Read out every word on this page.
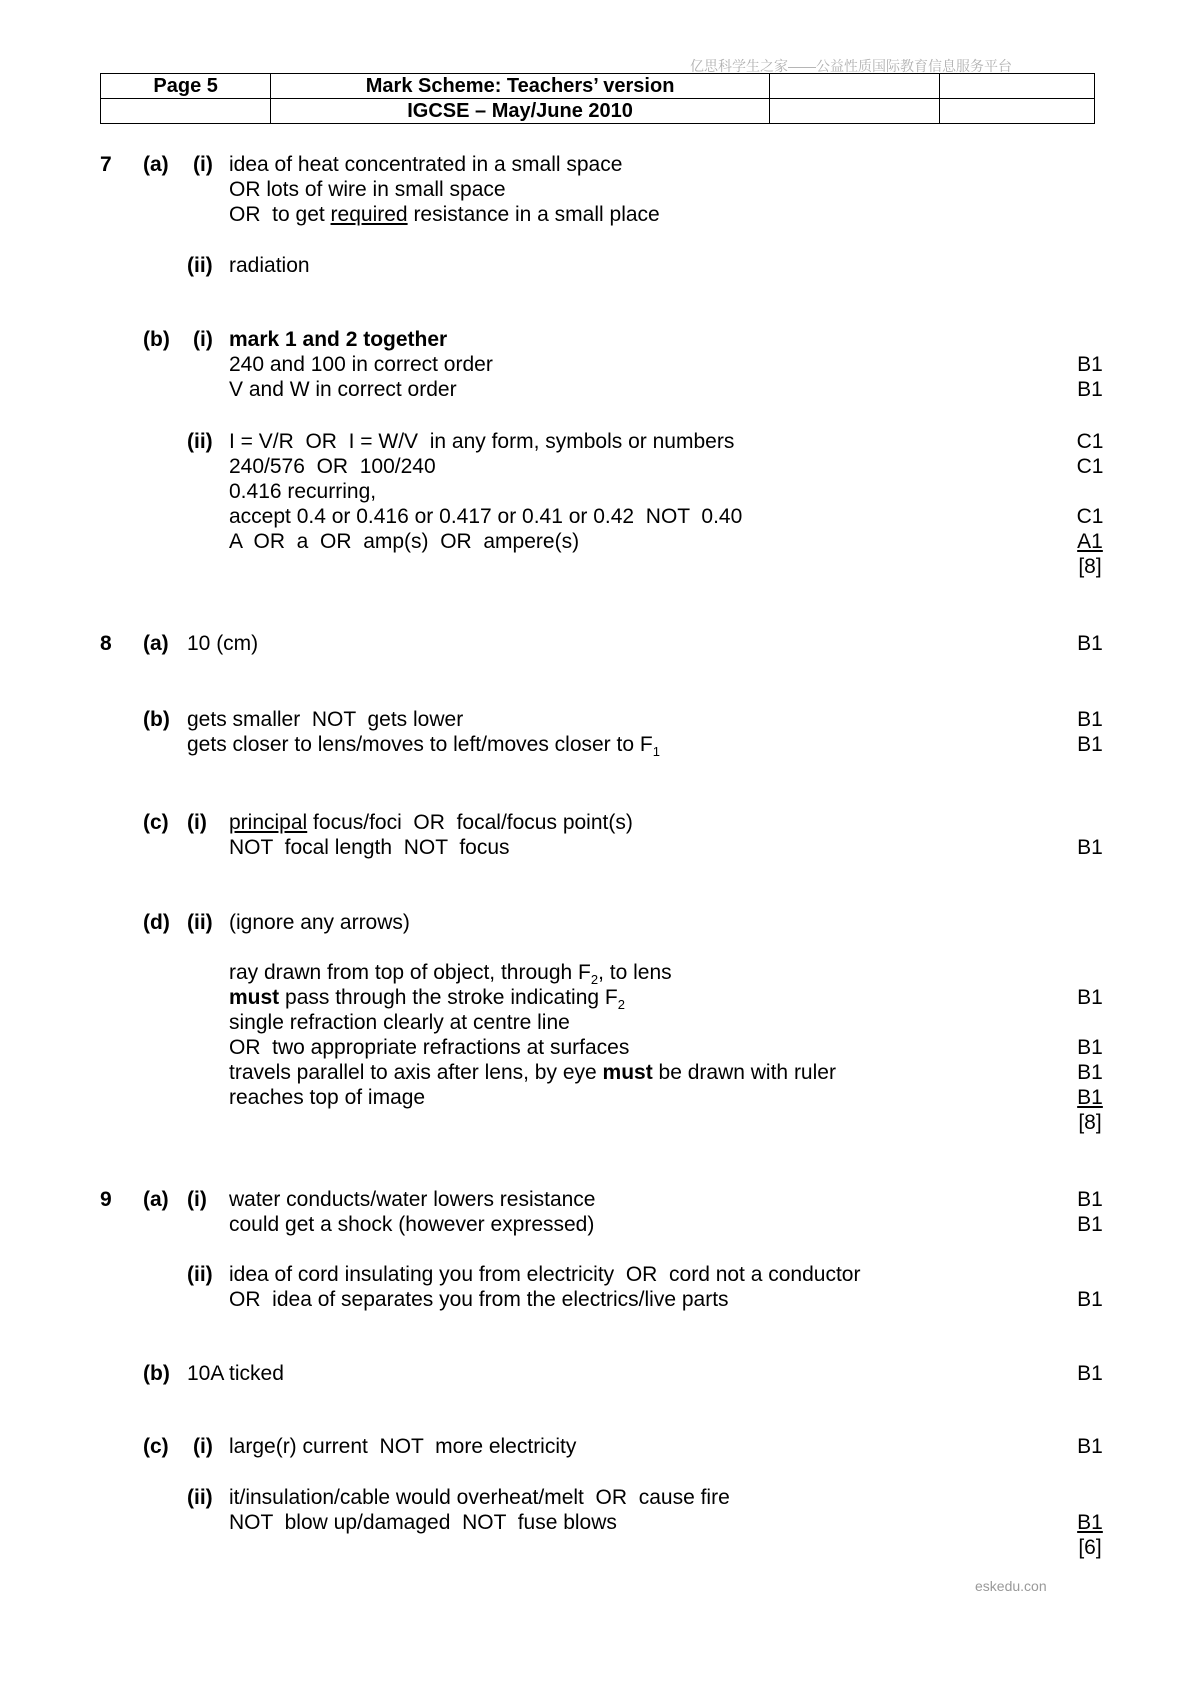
亿思科学生之家——公益性质国际教育信息服务平台
Page 5	Mark Scheme: Teachers’ version		
	IGCSE – May/June 2010		
7 (a) (i) idea of heat concentrated in a small space
OR lots of wire in small space
OR  to get required resistance in a small place
(ii) radiation
(b) (i) mark 1 and 2 together
240 and 100 in correct order	B1
V and W in correct order	B1
(ii) I = V/R  OR  I = W/V  in any form, symbols or numbers	C1
240/576  OR  100/240	C1
0.416 recurring,
accept 0.4 or 0.416 or 0.417 or 0.41 or 0.42  NOT  0.40	C1
A  OR  a  OR  amp(s)  OR  ampere(s)	A1
[8]
8 (a) 10 (cm)	B1
(b) gets smaller  NOT  gets lower	B1
gets closer to lens/moves to left/moves closer to $F_1$	B1
(c) (i) principal focus/foci  OR  focal/focus point(s)
NOT  focal length  NOT  focus	B1
(d) (ii) (ignore any arrows)
ray drawn from top of object, through $F_2$, to lens
must pass through the stroke indicating $F_2$	B1
single refraction clearly at centre line
OR  two appropriate refractions at surfaces	B1
travels parallel to axis after lens, by eye must be drawn with ruler	B1
reaches top of image	B1
[8]
9 (a) (i) water conducts/water lowers resistance	B1
could get a shock (however expressed)	B1
(ii) idea of cord insulating you from electricity  OR  cord not a conductor
OR  idea of separates you from the electrics/live parts	B1
(b) 10A ticked	B1
(c) (i) large(r) current  NOT  more electricity	B1
(ii) it/insulation/cable would overheat/melt  OR  cause fire
NOT  blow up/damaged  NOT  fuse blows	B1
[6]
eskedu.con
